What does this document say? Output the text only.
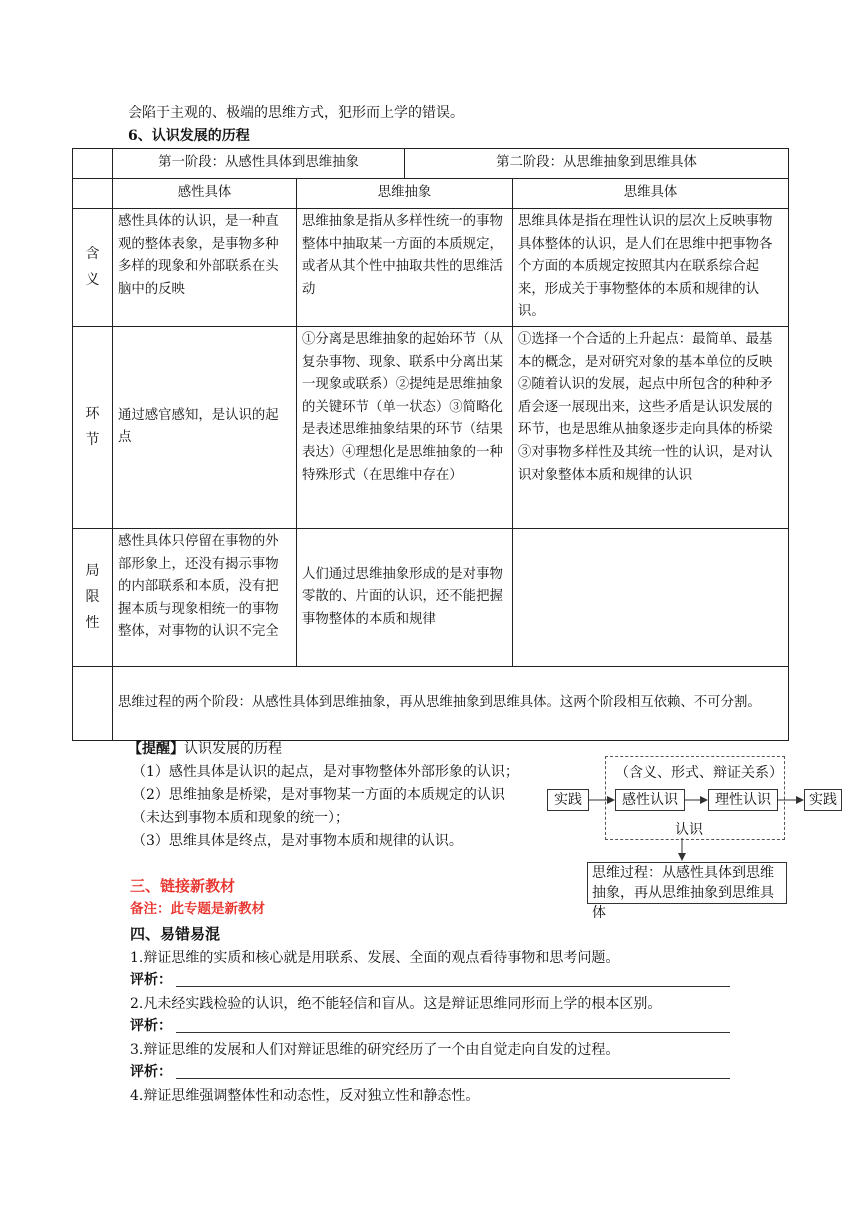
会陷于主观的、极端的思维方式，犯形而上学的错误。
6、认识发展的历程
	第一阶段：从感性具体到思维抽象		第二阶段：从思维抽象到思维具体	
	感性具体	思维抽象		思维具体
含义	感性具体的认识，是一种直观的整体表象，是事物多种多样的现象和外部联系在头脑中的反映	思维抽象是指从多样性统一的事物整体中抽取某一方面的本质规定，或者从其个性中抽取共性的思维活动		思维具体是指在理性认识的层次上反映事物具体整体的认识，是人们在思维中把事物各个方面的本质规定按照其内在联系综合起来，形成关于事物整体的本质和规律的认识。
环节	通过感官感知，是认识的起点	①分离是思维抽象的起始环节（从复杂事物、现象、联系中分离出某一现象或联系）②提纯是思维抽象的关键环节（单一状态）③简略化是表述思维抽象结果的环节（结果表达）④理想化是思维抽象的一种特殊形式（在思维中存在）		①选择一个合适的上升起点：最简单、最基本的概念，是对研究对象的基本单位的反映②随着认识的发展，起点中所包含的种种矛盾会逐一展现出来，这些矛盾是认识发展的环节，也是思维从抽象逐步走向具体的桥梁③对事物多样性及其统一性的认识，是对认识对象整体本质和规律的认识
局限性	感性具体只停留在事物的外部形象上，还没有揭示事物的内部联系和本质，没有把握本质与现象相统一的事物整体，对事物的认识不完全	人们通过思维抽象形成的是对事物零散的、片面的认识，还不能把握事物整体的本质和规律		
	思维过程的两个阶段：从感性具体到思维抽象，再从思维抽象到思维具体。这两个阶段相互依赖、不可分割。			
【提醒】认识发展的历程
（1）感性具体是认识的起点，是对事物整体外部形象的认识；
（2）思维抽象是桥梁，是对事物某一方面的本质规定的认识
（未达到事物本质和现象的统一）；
（3）思维具体是终点，是对事物本质和规律的认识。
（含义、形式、辩证关系）
实践	感性认识	理性认识	实践
认识
思维过程：从感性具体到思维抽象，再从思维抽象到思维具体
三、链接新教材
备注：此专题是新教材
四、易错易混
1.辩证思维的实质和核心就是用联系、发展、全面的观点看待事物和思考问题。
评析：
2.凡未经实践检验的认识，绝不能轻信和盲从。这是辩证思维同形而上学的根本区别。
评析：
3.辩证思维的发展和人们对辩证思维的研究经历了一个由自觉走向自发的过程。
评析：
4.辩证思维强调整体性和动态性，反对独立性和静态性。
